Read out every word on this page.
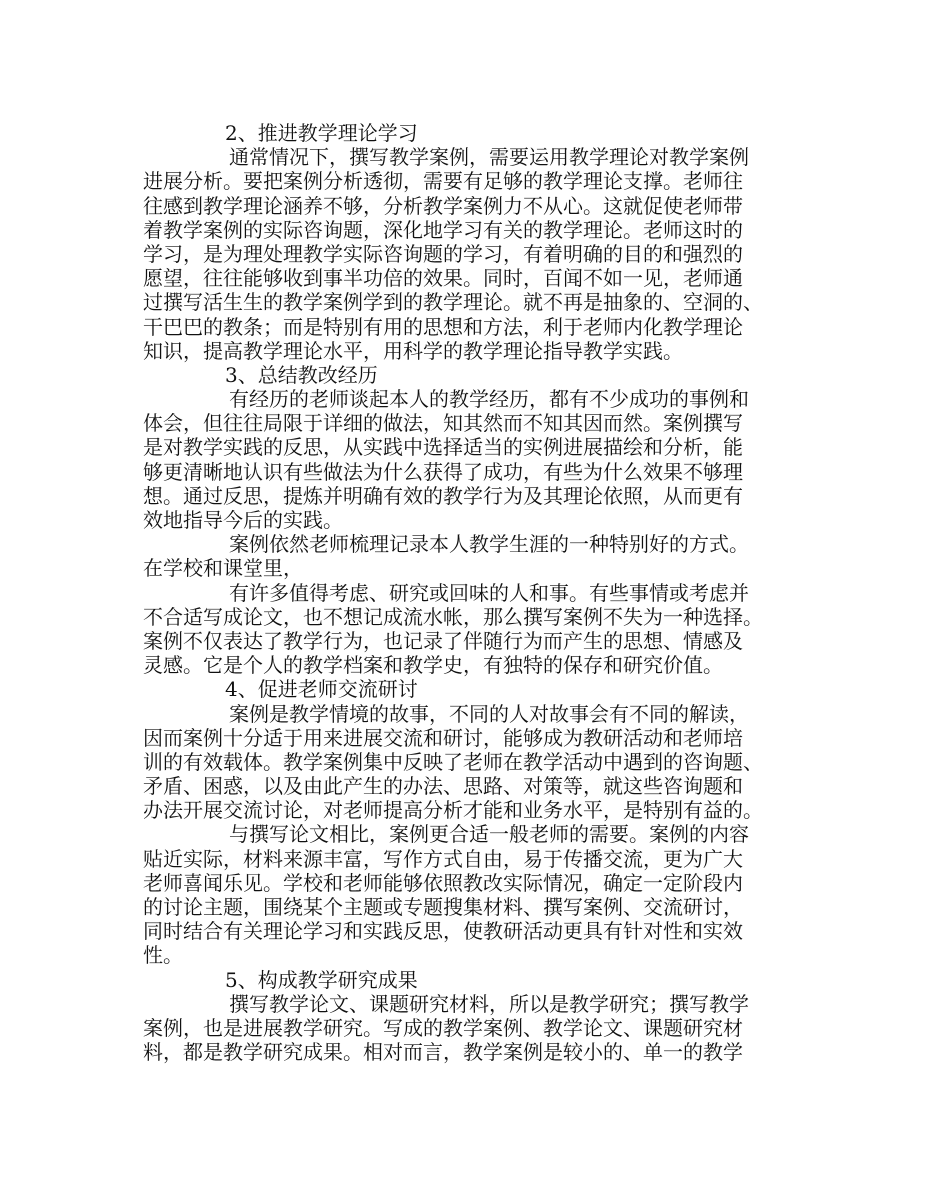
2、推进教学理论学习
通常情况下，撰写教学案例，需要运用教学理论对教学案例
进展分析。要把案例分析透彻，需要有足够的教学理论支撑。老师往
往感到教学理论涵养不够，分析教学案例力不从心。这就促使老师带
着教学案例的实际咨询题，深化地学习有关的教学理论。老师这时的
学习，是为理处理教学实际咨询题的学习，有着明确的目的和强烈的
愿望，往往能够收到事半功倍的效果。同时，百闻不如一见，老师通
过撰写活生生的教学案例学到的教学理论。就不再是抽象的、空洞的、
干巴巴的教条；而是特别有用的思想和方法，利于老师内化教学理论
知识，提高教学理论水平，用科学的教学理论指导教学实践。
3、总结教改经历
有经历的老师谈起本人的教学经历，都有不少成功的事例和
体会，但往往局限于详细的做法，知其然而不知其因而然。案例撰写
是对教学实践的反思，从实践中选择适当的实例进展描绘和分析，能
够更清晰地认识有些做法为什么获得了成功，有些为什么效果不够理
想。通过反思，提炼并明确有效的教学行为及其理论依照，从而更有
效地指导今后的实践。
案例依然老师梳理记录本人教学生涯的一种特别好的方式。
在学校和课堂里，
有许多值得考虑、研究或回味的人和事。有些事情或考虑并
不合适写成论文，也不想记成流水帐，那么撰写案例不失为一种选择。
案例不仅表达了教学行为，也记录了伴随行为而产生的思想、情感及
灵感。它是个人的教学档案和教学史，有独特的保存和研究价值。
4、促进老师交流研讨
案例是教学情境的故事，不同的人对故事会有不同的解读，
因而案例十分适于用来进展交流和研讨，能够成为教研活动和老师培
训的有效载体。教学案例集中反映了老师在教学活动中遇到的咨询题、
矛盾、困惑，以及由此产生的办法、思路、对策等，就这些咨询题和
办法开展交流讨论，对老师提高分析才能和业务水平，是特别有益的。
与撰写论文相比，案例更合适一般老师的需要。案例的内容
贴近实际，材料来源丰富，写作方式自由，易于传播交流，更为广大
老师喜闻乐见。学校和老师能够依照教改实际情况，确定一定阶段内
的讨论主题，围绕某个主题或专题搜集材料、撰写案例、交流研讨，
同时结合有关理论学习和实践反思，使教研活动更具有针对性和实效
性。
5、构成教学研究成果
撰写教学论文、课题研究材料，所以是教学研究；撰写教学
案例，也是进展教学研究。写成的教学案例、教学论文、课题研究材
料，都是教学研究成果。相对而言，教学案例是较小的、单一的教学
